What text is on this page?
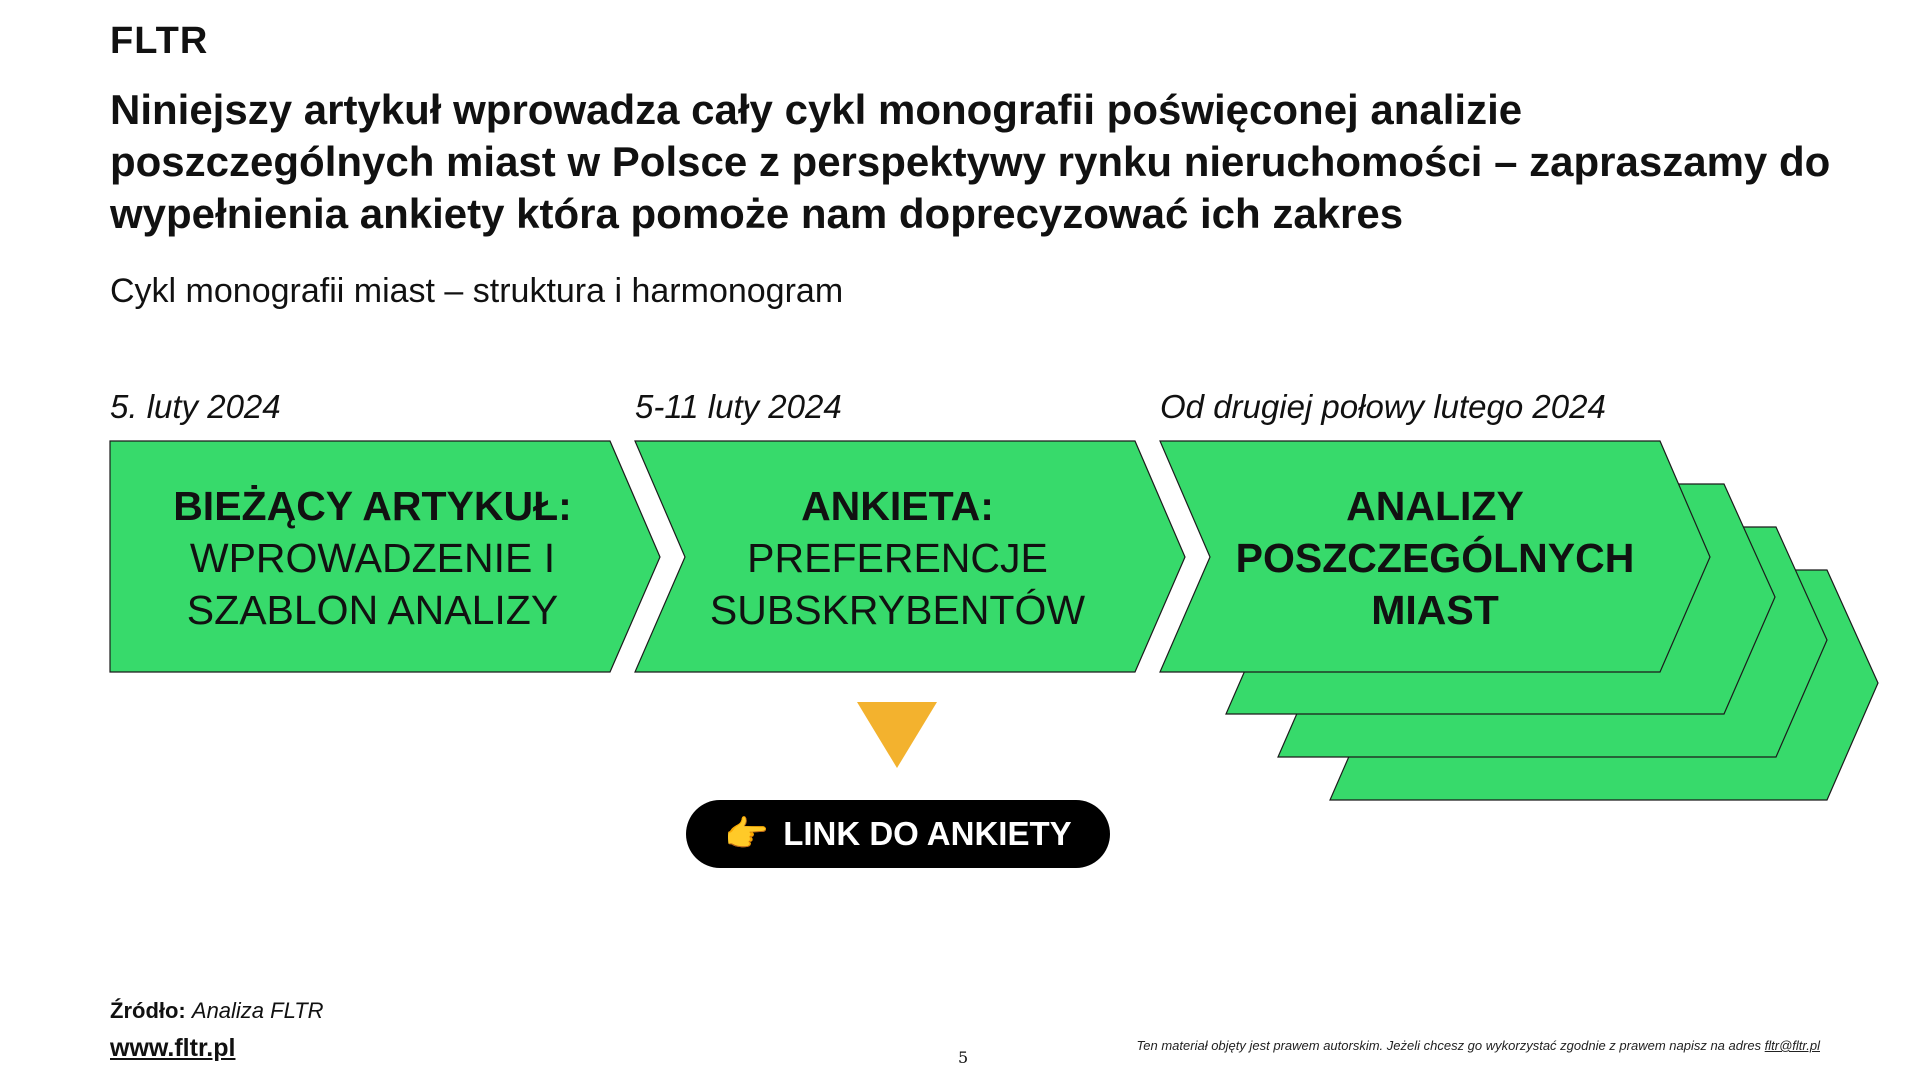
FLTR
Niniejszy artykuł wprowadza cały cykl monografii poświęconej analizie poszczególnych miast w Polsce z perspektywy rynku nieruchomości – zapraszamy do wypełnienia ankiety która pomoże nam doprecyzować ich zakres
Cykl monografii miast – struktura i harmonogram
5. luty 2024	5-11 luty 2024	Od drugiej połowy lutego 2024
BIEŻĄCY ARTYKUŁ:
WPROWADZENIE I
SZABLON ANALIZY
ANKIETA:
PREFERENCJE
SUBSKRYBENTÓW
ANALIZY
POSZCZEGÓLNYCH
MIAST
👉 LINK DO ANKIETY
Źródło: Analiza FLTR
www.fltr.pl	5
Ten materiał objęty jest prawem autorskim. Jeżeli chcesz go wykorzystać zgodnie z prawem napisz na adres fltr@fltr.pl
